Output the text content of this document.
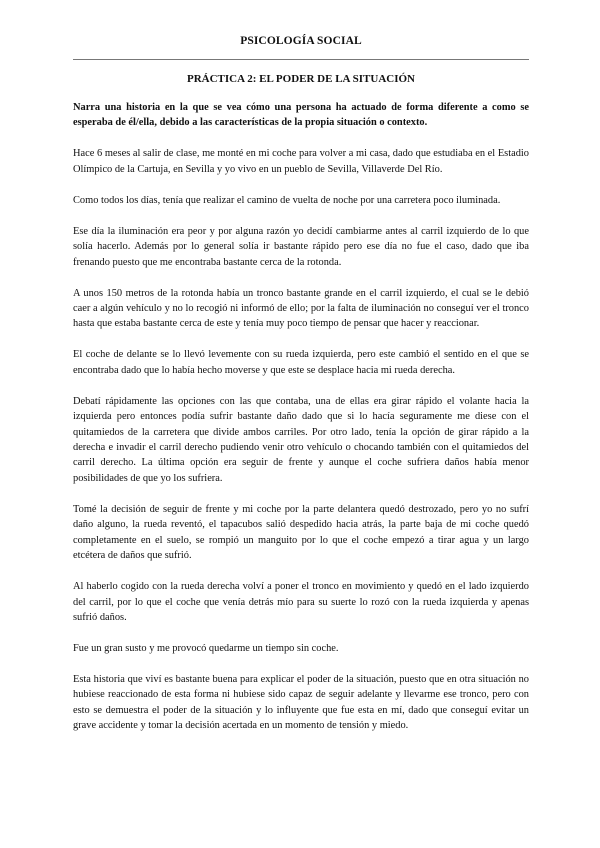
PSICOLOGÍA SOCIAL
PRÁCTICA 2: EL PODER DE LA SITUACIÓN

Narra una historia en la que se vea cómo una persona ha actuado de forma diferente a como se esperaba de él/ella, debido a las características de la propia situación o contexto.

Hace 6 meses al salir de clase, me monté en mi coche para volver a mi casa, dado que estudiaba en el Estadio Olímpico de la Cartuja, en Sevilla y yo vivo en un pueblo de Sevilla, Villaverde Del Río.

Como todos los días, tenía que realizar el camino de vuelta de noche por una carretera poco iluminada.

Ese día la iluminación era peor y por alguna razón yo decidí cambiarme antes al carril izquierdo de lo que solía hacerlo. Además por lo general solía ir bastante rápido pero ese día no fue el caso, dado que iba frenando puesto que me encontraba bastante cerca de la rotonda.

A unos 150 metros de la rotonda había un tronco bastante grande en el carril izquierdo, el cual se le debió caer a algún vehículo y no lo recogió ni informó de ello; por la falta de iluminación no conseguí ver el tronco hasta que estaba bastante cerca de este y tenía muy poco tiempo de pensar que hacer y reaccionar.

El coche de delante se lo llevó levemente con su rueda izquierda, pero este cambió el sentido en el que se encontraba dado que lo había hecho moverse y que este se desplace hacia mi rueda derecha.

Debatí rápidamente las opciones con las que contaba, una de ellas era girar rápido el volante hacia la izquierda pero entonces podía sufrir bastante daño dado que si lo hacía seguramente me diese con el quitamiedos de la carretera que divide ambos carriles. Por otro lado, tenía la opción de girar rápido a la derecha e invadir el carril derecho pudiendo venir otro vehículo o chocando también con el quitamiedos del carril derecho. La última opción era seguir de frente y aunque el coche sufriera daños había menor posibilidades de que yo los sufriera.

Tomé la decisión de seguir de frente y mi coche por la parte delantera quedó destrozado, pero yo no sufrí daño alguno, la rueda reventó, el tapacubos salió despedido hacia atrás, la parte baja de mi coche quedó completamente en el suelo, se rompió un manguito por lo que el coche empezó a tirar agua y un largo etcétera de daños que sufrió.

Al haberlo cogido con la rueda derecha volví a poner el tronco en movimiento y quedó en el lado izquierdo del carril, por lo que el coche que venía detrás mío para su suerte lo rozó con la rueda izquierda y apenas sufrió daños.

Fue un gran susto y me provocó quedarme un tiempo sin coche.

Esta historia que viví es bastante buena para explicar el poder de la situación, puesto que en otra situación no hubiese reaccionado de esta forma ni hubiese sido capaz de seguir adelante y llevarme ese tronco, pero con esto se demuestra el poder de la situación y lo influyente que fue esta en mí, dado que conseguí evitar un grave accidente y tomar la decisión acertada en un momento de tensión y miedo.
